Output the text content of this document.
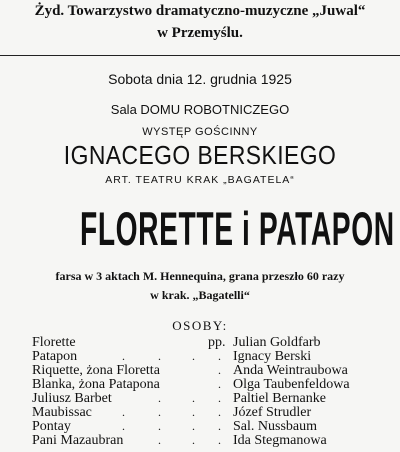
Żyd. Towarzystwo dramatyczno-muzyczne „Juwal“
w Przemyślu.
Sobota dnia 12. grudnia 1925
Sala DOMU ROBOTNICZEGO
WYSTĘP GOŚCINNY
IGNACEGO BERSKIEGO
ART. TEATRU KRAK „BAGATELA“
FLORETTE i PATAPON
farsa w 3 aktach M. Hennequina, grana przeszło 60 razy
w krak. „Bagatelli“
OSOBY:
Florette	pp. Julian Goldfarb
Patapon	.	.	. . Ignacy Berski
Riquette, żona Floretta	. Anda Weintraubowa
Blanka, żona Patapona	. Olga Taubenfeldowa
Juliusz Barbet	.	. . Paltiel Bernanke
Maubissac	.	.	. . Józef Strudler
Pontay	.	.	. . Sal. Nussbaum
Pani Mazaubran	.	. . Ida Stegmanowa
